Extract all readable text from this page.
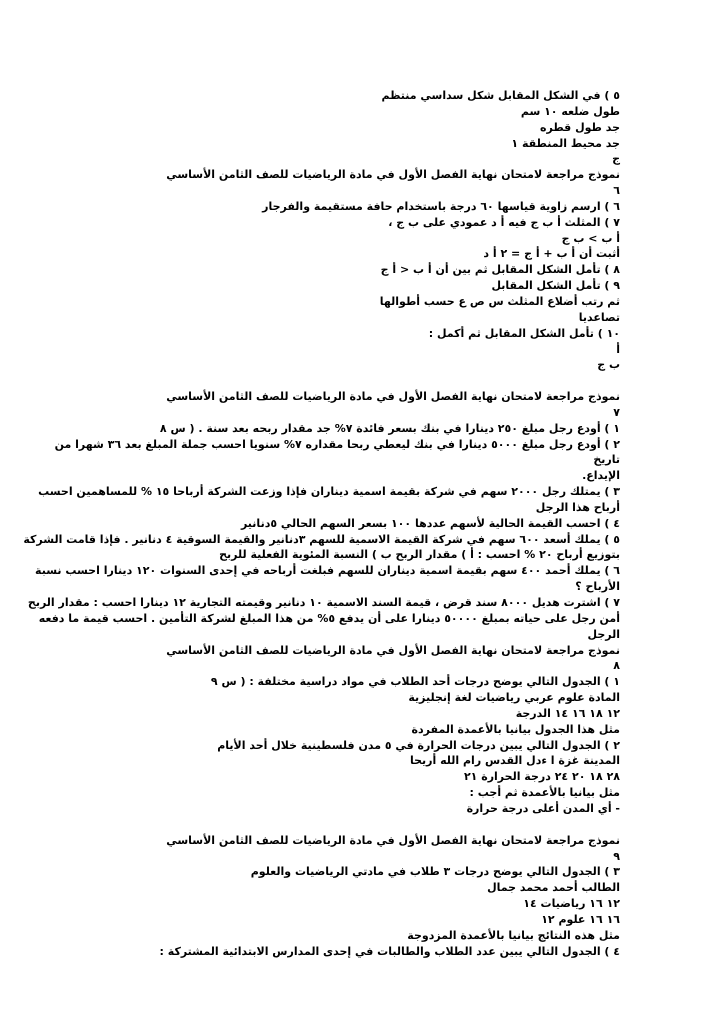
٥ ) في الشكل المقابل شكل سداسي منتظم
طول ضلعه ١٠ سم
جد طول قطره
جد محيط المنطقة ١
ج
نموذج مراجعة لامتحان نهاية الفصل الأول في مادة الرياضيات للصف الثامن الأساسي
٦
٦ ) ارسم زاوية قياسها ٦٠ درجة باستخدام حافة مستقيمة والفرجار
٧ ) المثلث أ ب ج فيه أ د عمودي على ب ج ،
أ ب > ب ج
أثبت أن أ ب + أ ج = ٢ أ د
٨ ) تأمل الشكل المقابل ثم بين أن أ ب < أ ج
٩ ) تأمل الشكل المقابل
ثم رتب أضلاع المثلث س ص ع حسب أطوالها
تصاعديا
١٠ ) تأمل الشكل المقابل ثم أكمل :
أ
ب ج
نموذج مراجعة لامتحان نهاية الفصل الأول في مادة الرياضيات للصف الثامن الأساسي
٧
١ ) أودع رجل مبلغ ٢٥٠ دينارا في بنك بسعر فائدة ٧% جد مقدار ربحه بعد سنة . ( س ٨
٢ ) أودع رجل مبلغ ٥٠٠٠ دينارا في بنك ليعطي ربحا مقداره ٧% سنويا احسب جملة المبلغ بعد ٣٦ شهرا من
تاريخ
الإيداع.
٣ ) يمتلك رجل ٢٠٠٠ سهم في شركة بقيمة اسمية ديناران فإذا وزعت الشركة أرباحا ١٥ % للمساهمين احسب
أرباح هذا الرجل
٤ ) احسب القيمة الحالية لأسهم عددها ١٠٠ بسعر السهم الحالي ٥دنانير
٥ ) يملك أسعد ٦٠٠ سهم في شركة القيمة الاسمية للسهم ٣دنانير والقيمة السوقية ٤ دنانير . فإذا قامت الشركة
بتوزيع أرباح ٢٠ % احسب : أ ) مقدار الربح ب ) النسبة المئوية الفعلية للربح
٦ ) يملك أحمد ٤٠٠ سهم بقيمة اسمية ديناران للسهم فبلغت أرباحه في إحدى السنوات ١٢٠ دينارا احسب نسبة
الأرباح ؟
٧ ) اشترت هديل ٨٠٠٠ سند قرض ، قيمة السند الاسمية ١٠ دنانير وقيمته التجارية ١٢ دينارا احسب : مقدار الربح
أمن رجل على حياته بمبلغ ٥٠٠٠٠ دينارا على أن يدفع ٥% من هذا المبلغ لشركة التأمين . احسب قيمة ما دفعه
الرجل
نموذج مراجعة لامتحان نهاية الفصل الأول في مادة الرياضيات للصف الثامن الأساسي
٨
١ ) الجدول التالي يوضح درجات أحد الطلاب في مواد دراسية مختلفة : ( س ٩
المادة علوم عربي رياضيات لغة إنجليزية
١٢ ١٨ ١٦ ١٤ الدرجة
مثل هذا الجدول بيانيا بالأعمدة المفردة
٢ ) الجدول التالي يبين درجات الحرارة في ٥ مدن فلسطينية خلال أحد الأيام
المدينة غزة ا ءدل القدس رام الله أريحا
٢٨ ١٨ ٢٠ ٢٤ درجة الحرارة ٢١
مثل بيانيا بالأعمدة ثم أجب :
- أي المدن أعلى درجة حرارة
نموذج مراجعة لامتحان نهاية الفصل الأول في مادة الرياضيات للصف الثامن الأساسي
٩
٣ ) الجدول التالي يوضح درجات ٣ طلاب في مادتي الرياضيات والعلوم
الطالب أحمد محمد جمال
١٢ ١٦ رياضيات ١٤
١٦ ١٦ علوم ١٢
مثل هذه النتائج بيانيا بالأعمدة المزدوجة
٤ ) الجدول التالي يبين عدد الطلاب والطالبات في إحدى المدارس الابتدائية المشتركة :
